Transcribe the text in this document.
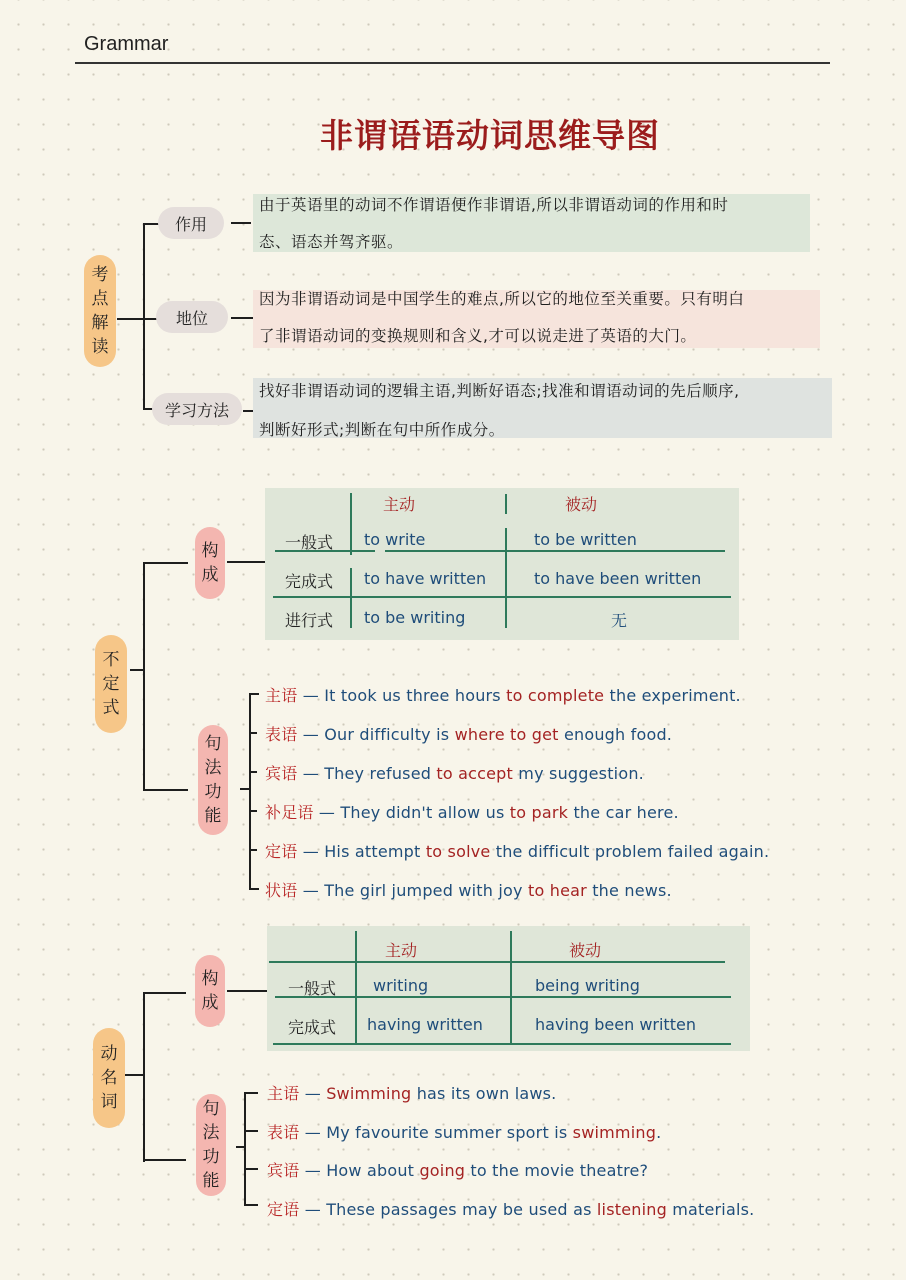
Grammar
非谓语语动词思维导图
考
点
解
读
作用
地位
学习方法
由于英语里的动词不作谓语便作非谓语,所以非谓语动词的作用和时
态、语态并驾齐驱。
因为非谓语动词是中国学生的难点,所以它的地位至关重要。只有明白
了非谓语动词的变换规则和含义,才可以说走进了英语的大门。
找好非谓语动词的逻辑主语,判断好语态;找准和谓语动词的先后顺序,
判断好形式;判断在句中所作成分。
不
定
式
构
成
句
法
功
能
主动	被动
一般式 to write	to be written
完成式 to have written	to have been written
进行式 to be writing	无
主语 — It took us three hours to complete the experiment.
表语 — Our difficulty is where to get enough food.
宾语 — They refused to accept my suggestion.
补足语 — They didn't allow us to park the car here.
定语 — His attempt to solve the difficult problem failed again.
状语 — The girl jumped with joy to hear the news.
动
名
词
构
成
句
法
功
能
主动	被动
一般式 writing	being writing
完成式 having written	having been written
主语 — Swimming has its own laws.
表语 — My favourite summer sport is swimming.
宾语 — How about going to the movie theatre?
定语 — These passages may be used as listening materials.
